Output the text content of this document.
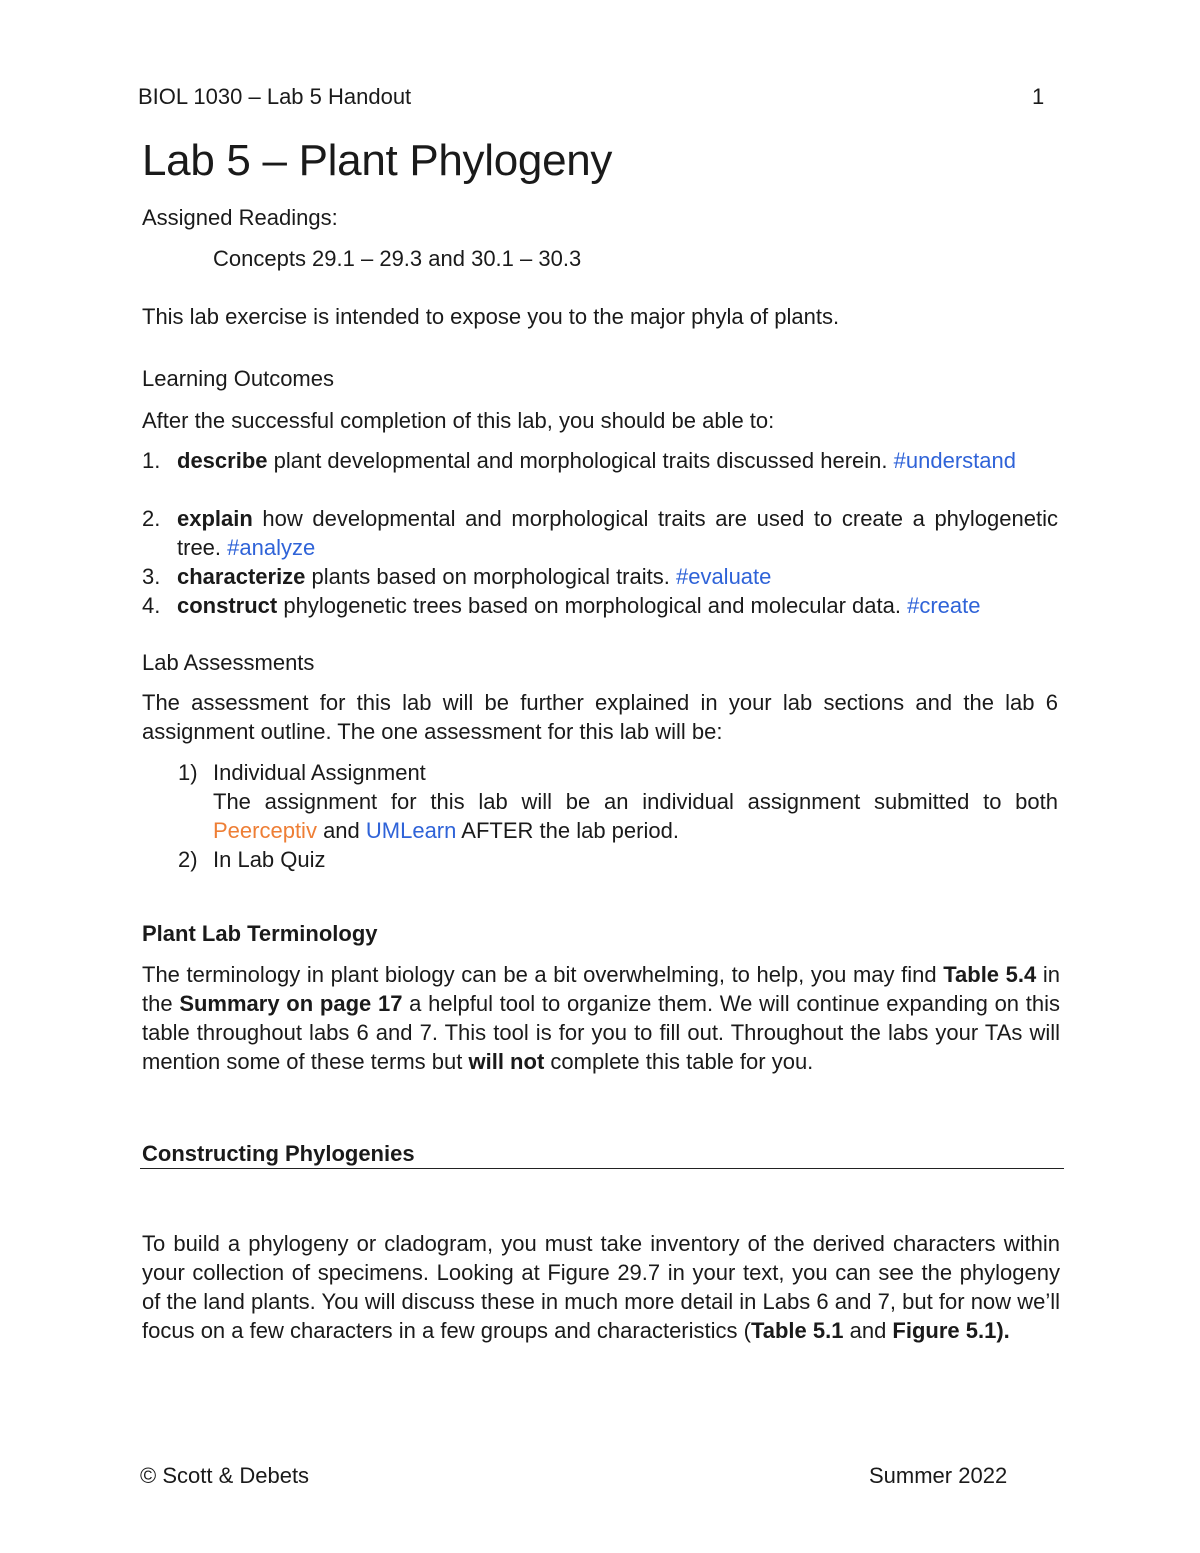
BIOL 1030 – Lab 5 Handout	1
Lab 5 – Plant Phylogeny
Assigned Readings:
Concepts 29.1 – 29.3 and 30.1 – 30.3
This lab exercise is intended to expose you to the major phyla of plants.
Learning Outcomes
After the successful completion of this lab, you should be able to:
1. describe plant developmental and morphological traits discussed herein. #understand
2. explain how developmental and morphological traits are used to create a phylogenetic tree. #analyze
3. characterize plants based on morphological traits. #evaluate
4. construct phylogenetic trees based on morphological and molecular data. #create
Lab Assessments
The assessment for this lab will be further explained in your lab sections and the lab 6 assignment outline. The one assessment for this lab will be:
1) Individual Assignment
The assignment for this lab will be an individual assignment submitted to both Peerceptiv and UMLearn AFTER the lab period.
2) In Lab Quiz
Plant Lab Terminology
The terminology in plant biology can be a bit overwhelming, to help, you may find Table 5.4 in the Summary on page 17 a helpful tool to organize them. We will continue expanding on this table throughout labs 6 and 7. This tool is for you to fill out. Throughout the labs your TAs will mention some of these terms but will not complete this table for you.
Constructing Phylogenies
To build a phylogeny or cladogram, you must take inventory of the derived characters within your collection of specimens. Looking at Figure 29.7 in your text, you can see the phylogeny of the land plants. You will discuss these in much more detail in Labs 6 and 7, but for now we’ll focus on a few characters in a few groups and characteristics (Table 5.1 and Figure 5.1).
© Scott & Debets	Summer 2022
